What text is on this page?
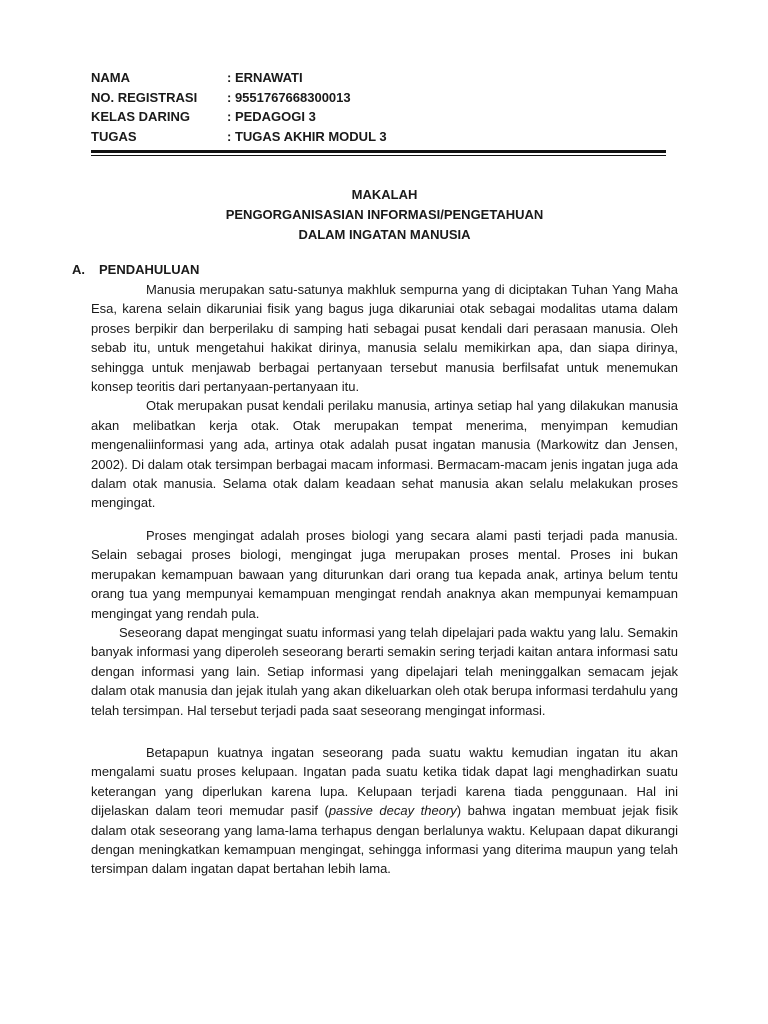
NAMA	: ERNAWATI
NO. REGISTRASI	: 9551767668300013
KELAS DARING	: PEDAGOGI 3
TUGAS	: TUGAS AKHIR MODUL 3
MAKALAH
PENGORGANISASIAN INFORMASI/PENGETAHUAN
DALAM INGATAN MANUSIA
A.	PENDAHULUAN

Manusia merupakan satu-satunya makhluk sempurna yang di diciptakan Tuhan Yang Maha Esa, karena selain dikaruniai fisik yang bagus juga dikaruniai otak sebagai modalitas utama dalam proses berpikir dan berperilaku di samping hati sebagai pusat kendali dari perasaan manusia. Oleh sebab itu, untuk mengetahui hakikat dirinya, manusia selalu memikirkan apa, dan siapa dirinya, sehingga untuk menjawab berbagai pertanyaan tersebut manusia berfilsafat untuk menemukan konsep teoritis dari pertanyaan-pertanyaan itu.

Otak merupakan pusat kendali perilaku manusia, artinya setiap hal yang dilakukan manusia akan melibatkan kerja otak. Otak merupakan tempat menerima, menyimpan kemudian mengenaliinformasi yang ada, artinya otak adalah pusat ingatan manusia (Markowitz dan Jensen, 2002). Di dalam otak tersimpan berbagai macam informasi. Bermacam-macam jenis ingatan juga ada dalam otak manusia. Selama otak dalam keadaan sehat manusia akan selalu melakukan proses mengingat.

Proses mengingat adalah proses biologi yang secara alami pasti terjadi pada manusia. Selain sebagai proses biologi, mengingat juga merupakan proses mental. Proses ini bukan merupakan kemampuan bawaan yang diturunkan dari orang tua kepada anak, artinya belum tentu orang tua yang mempunyai kemampuan mengingat rendah anaknya akan mempunyai kemampuan mengingat yang rendah pula.

Seseorang dapat mengingat suatu informasi yang telah dipelajari pada waktu yang lalu. Semakin banyak informasi yang diperoleh seseorang berarti semakin sering terjadi kaitan antara informasi satu dengan informasi yang lain. Setiap informasi yang dipelajari telah meninggalkan semacam jejak dalam otak manusia dan jejak itulah yang akan dikeluarkan oleh otak berupa informasi terdahulu yang telah tersimpan. Hal tersebut terjadi pada saat seseorang mengingat informasi.

Betapapun kuatnya ingatan seseorang pada suatu waktu kemudian ingatan itu akan mengalami suatu proses kelupaan. Ingatan pada suatu ketika tidak dapat lagi menghadirkan suatu keterangan yang diperlukan karena lupa. Kelupaan terjadi karena tiada penggunaan. Hal ini dijelaskan dalam teori memudar pasif (passive decay theory) bahwa ingatan membuat jejak fisik dalam otak seseorang yang lama-lama terhapus dengan berlalunya waktu. Kelupaan dapat dikurangi dengan meningkatkan kemampuan mengingat, sehingga informasi yang diterima maupun yang telah tersimpan dalam ingatan dapat bertahan lebih lama.
